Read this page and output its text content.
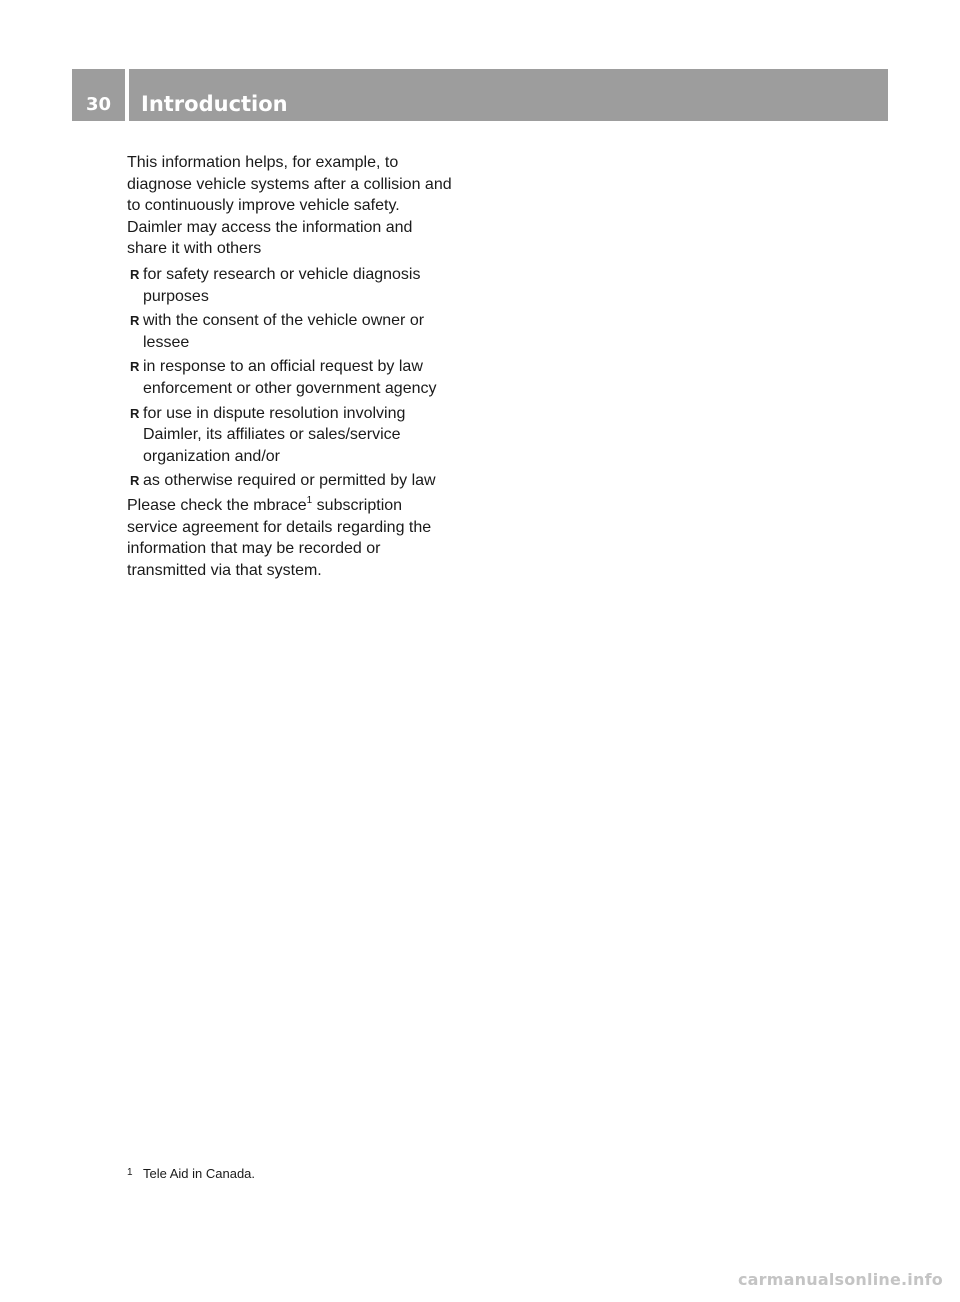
30	Introduction

This information helps, for example, to
diagnose vehicle systems after a collision and
to continuously improve vehicle safety.
Daimler may access the information and
share it with others

R for safety research or vehicle diagnosis
purposes
R with the consent of the vehicle owner or
lessee
R in response to an official request by law
enforcement or other government agency
R for use in dispute resolution involving
Daimler, its affiliates or sales/service
organization and/or
R as otherwise required or permitted by law

Please check the mbrace$^1$ subscription
service agreement for details regarding the
information that may be recorded or
transmitted via that system.

1 Tele Aid in Canada.
carmanualsonline.info
